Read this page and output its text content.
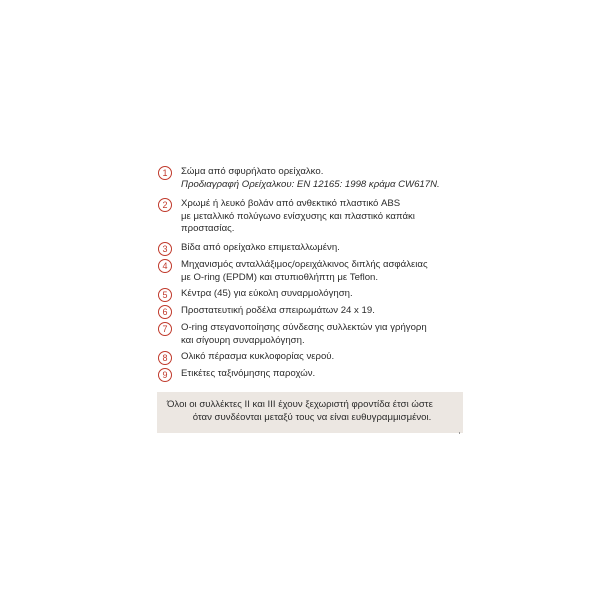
1	Σώμα από σφυρήλατο ορείχαλκο.
Προδιαγραφή Ορείχαλκου: EN 12165: 1998 κράμα CW617N.
2	Χρωμέ ή λευκό βολάν από ανθεκτικό πλαστικό ABS
με μεταλλικό πολύγωνο ενίσχυσης και πλαστικό καπάκι
προστασίας.
3	Βίδα από ορείχαλκο επιμεταλλωμένη.
4	Μηχανισμός ανταλλάξιμος/ορειχάλκινος διπλής ασφάλειας
με O-ring (EPDM) και στυπιοθλήπτη με Teflon.
5	Κέντρα (45) για εύκολη συναρμολόγηση.
6	Προστατευτική ροδέλα σπειρωμάτων 24 x 19.
7	O-ring στεγανοποίησης σύνδεσης συλλεκτών για γρήγορη
και σίγουρη συναρμολόγηση.
8	Ολικό πέρασμα κυκλοφορίας νερού.
9	Ετικέτες ταξινόμησης παροχών.
Όλοι οι συλλέκτες II και III έχουν ξεχωριστή φροντίδα έτσι ώστε
όταν συνδέονται μεταξύ τους να είναι ευθυγραμμισμένοι.
